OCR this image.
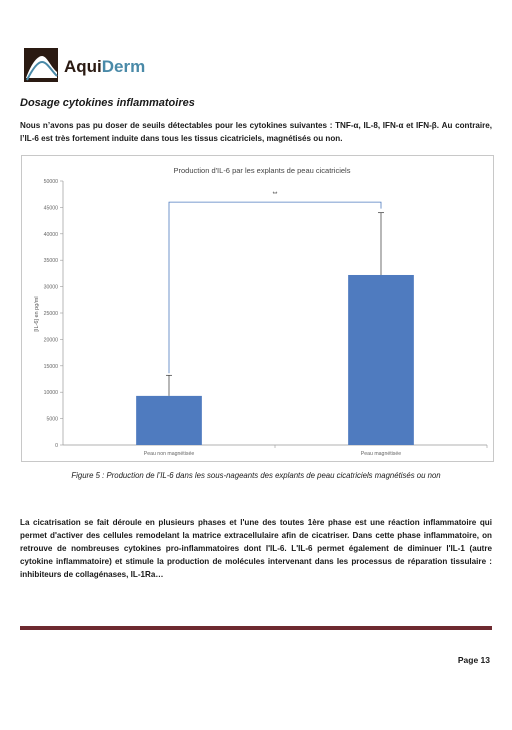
AquiDerm
Dosage cytokines inflammatoires
Nous n’avons pas pu doser de seuils détectables pour les cytokines suivantes : TNF-α, IL-8, IFN-α et IFN-β. Au contraire, l’IL-6 est très fortement induite dans tous les tissus cicatriciels, magnétisés ou non.
Production d'IL-6 par les explants de peau cicatriciels
[IL-6] en pg/ml
0
5000
10000
15000
20000
25000
30000
35000
40000
45000
50000
Peau non magnétisée	Peau magnétisée
**
Figure 5 : Production de l’IL-6 dans les sous-nageants des explants de peau cicatriciels magnétisés ou non
La cicatrisation se fait déroule en plusieurs phases et l'une des toutes 1ère phase est une réaction inflammatoire qui permet d'activer des cellules remodelant la matrice extracellulaire afin de cicatriser. Dans cette phase inflammatoire, on retrouve de nombreuses cytokines pro-inflammatoires dont l'IL-6. L'IL-6 permet également de diminuer l'IL-1 (autre cytokine inflammatoire) et stimule la production de molécules intervenant dans les processus de réparation tissulaire : inhibiteurs de collagénases, IL-1Ra…
Page 13
